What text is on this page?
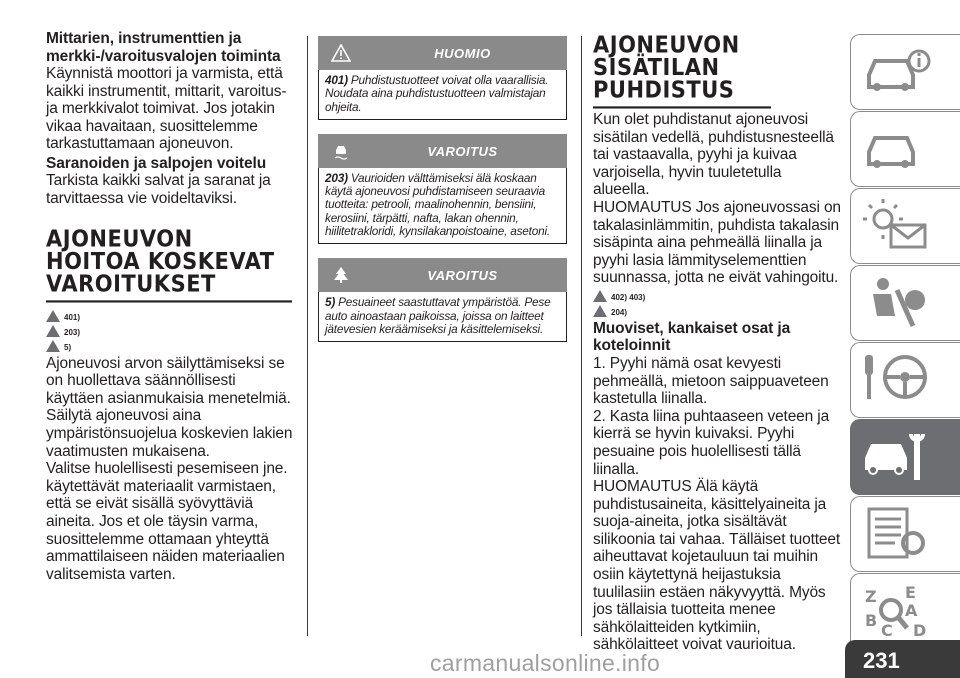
Mittarien, instrumenttien ja merkki-/varoitusvalojen toiminta

Käynnistä moottori ja varmista, että kaikki instrumentit, mittarit, varoitus- ja merkkivalot toimivat. Jos jotakin vikaa havaitaan, suosittelemme tarkastuttamaan ajoneuvon.

Saranoiden ja salpojen voitelu

Tarkista kaikki salvat ja saranat ja tarvittaessa vie voideltaviksi.

AJONEUVON HOITOA KOSKEVAT VAROITUKSET
401)
203)
5)

Ajoneuvosi arvon säilyttämiseksi se on huollettava säännöllisesti käyttäen asianmukaisia menetelmiä.

Säilytä ajoneuvosi aina ympäristönsuojelua koskevien lakien vaatimusten mukaisena.

Valitse huolellisesti pesemiseen jne. käytettävät materiaalit varmistaen, että se eivät sisällä syövyttäviä aineita. Jos et ole täysin varma, suosittelemme ottamaan yhteyttä ammattilaiseen näiden materiaalien valitsemista varten.

HUOMIO
401) Puhdistustuotteet voivat olla vaarallisia. Noudata aina puhdistustuotteen valmistajan ohjeita.
VAROITUS
203) Vaurioiden välttämiseksi älä koskaan käytä ajoneuvosi puhdistamiseen seuraavia tuotteita: petrooli, maalinohennin, bensiini, kerosiini, tärpätti, nafta, lakan ohennin, hiilitetrakloridi, kynsilakanpoistoaine, asetoni.
VAROITUS
5) Pesuaineet saastuttavat ympäristöä. Pese auto ainoastaan paikoissa, joissa on laitteet jätevesien keräämiseksi ja käsittelemiseksi.
AJONEUVON SISÄTILAN PUHDISTUS

Kun olet puhdistanut ajoneuvosi sisätilan vedellä, puhdistusnesteellä tai vastaavalla, pyyhi ja kuivaa varjoisella, hyvin tuuletetulla alueella.

HUOMAUTUS Jos ajoneuvossasi on takalasinlämmitin, puhdista takalasin sisäpinta aina pehmeällä liinalla ja pyyhi lasia lämmityselementtien suunnassa, jotta ne eivät vahingoitu.

402)
403)
204)
Muoviset, kankaiset osat ja koteloinnit

1. Pyyhi nämä osat kevyesti pehmeällä, mietoon saippuaveteen kastetulla liinalla.

2. Kasta liina puhtaaseen veteen ja kierrä se hyvin kuivaksi. Pyyhi pesuaine pois huolellisesti tällä liinalla.

HUOMAUTUS Älä käytä puhdistusaineita, käsittelyaineita ja suoja-aineita, jotka sisältävät silikoonia tai vahaa. Tälläiset tuotteet aiheuttavat kojetauluun tai muihin osiin käytettynä heijastuksia tuulilasiin estäen näkyvyyttä. Myös jos tällaisia tuotteita menee sähkölaitteiden kytkimiin, sähkölaitteet voivat vaurioitua.

Z E
B
A
C D
231
carmanualsonline.info
